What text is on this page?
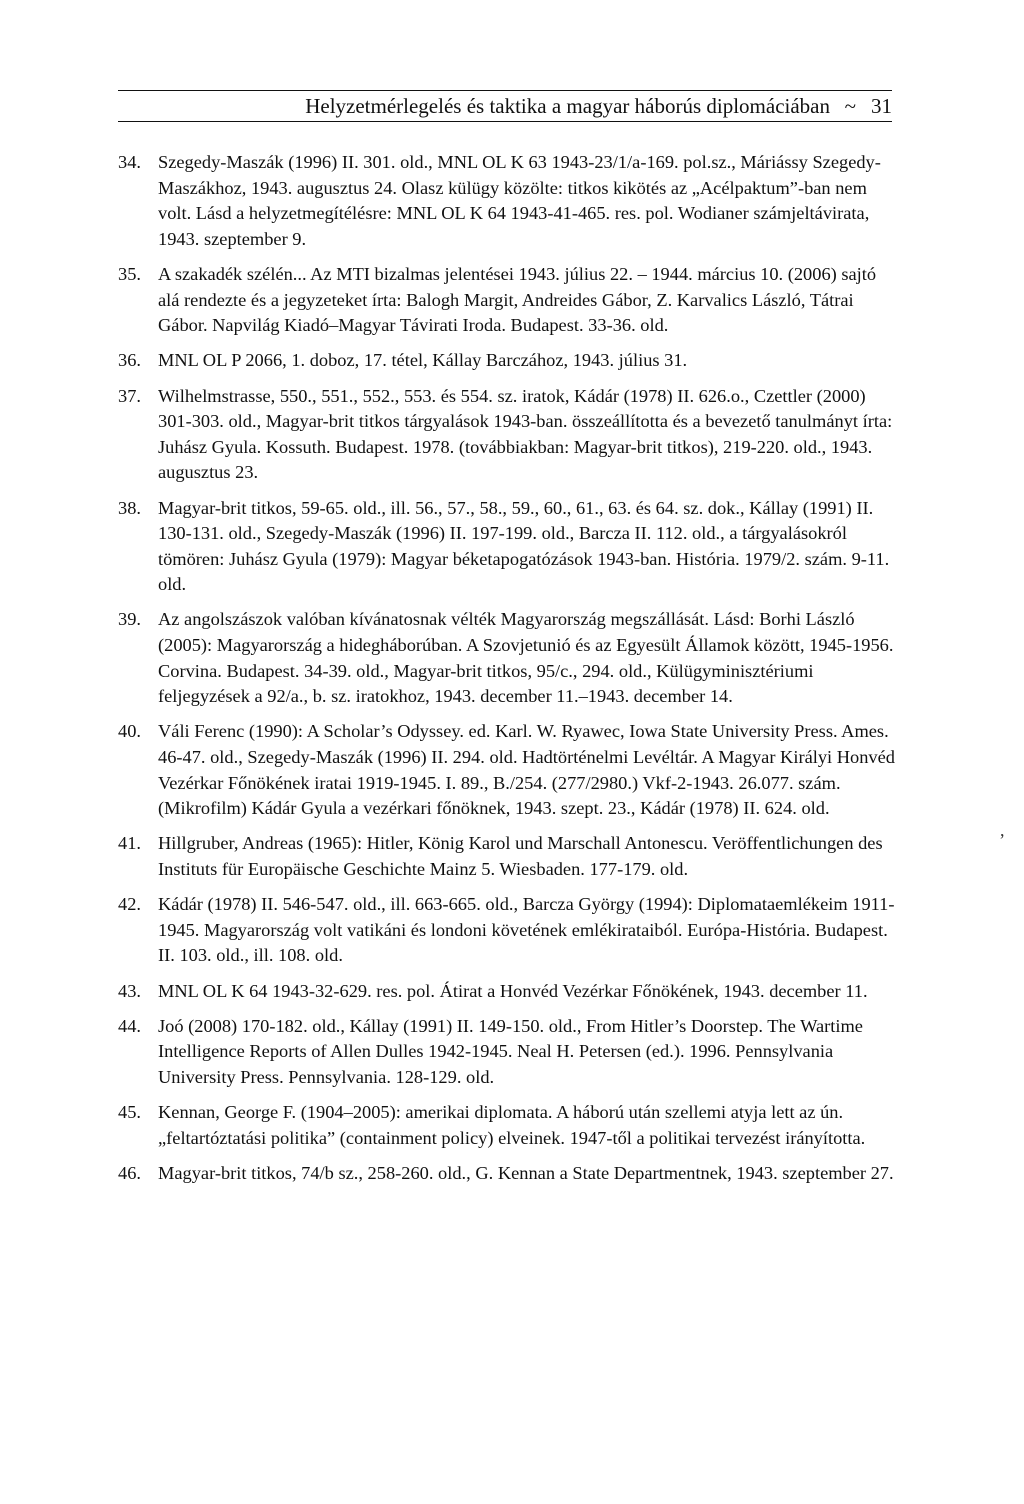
Helyzetmérlegelés és taktika a magyar háborús diplomáciában ~ 31
34. Szegedy-Maszák (1996) II. 301. old., MNL OL K 63 1943-23/1/a-169. pol.sz., Máriássy Szegedy-Maszákhoz, 1943. augusztus 24. Olasz külügy közölte: titkos kikötés az „Acélpaktum”-ban nem volt. Lásd a helyzetmegítélésre: MNL OL K 64 1943-41-465. res. pol. Wodianer számjeltávirata, 1943. szeptember 9.
35. A szakadék szélén... Az MTI bizalmas jelentései 1943. július 22. – 1944. március 10. (2006) sajtó alá rendezte és a jegyzeteket írta: Balogh Margit, Andreides Gábor, Z. Karvalics László, Tátrai Gábor. Napvilág Kiadó–Magyar Távirati Iroda. Budapest. 33-36. old.
36. MNL OL P 2066, 1. doboz, 17. tétel, Kállay Barczához, 1943. július 31.
37. Wilhelmstrasse, 550., 551., 552., 553. és 554. sz. iratok, Kádár (1978) II. 626.o., Czettler (2000) 301-303. old., Magyar-brit titkos tárgyalások 1943-ban. összeállította és a bevezető tanulmányt írta: Juhász Gyula. Kossuth. Budapest. 1978. (továbbiakban: Magyar-brit titkos), 219-220. old., 1943. augusztus 23.
38. Magyar-brit titkos, 59-65. old., ill. 56., 57., 58., 59., 60., 61., 63. és 64. sz. dok., Kállay (1991) II. 130-131. old., Szegedy-Maszák (1996) II. 197-199. old., Barcza II. 112. old., a tárgyalásokról tömören: Juhász Gyula (1979): Magyar béketapogatózások 1943-ban. História. 1979/2. szám. 9-11. old.
39. Az angolszászok valóban kívánatosnak vélték Magyarország megszállását. Lásd: Borhi László (2005): Magyarország a hidegháborúban. A Szovjetunió és az Egyesült Államok között, 1945-1956. Corvina. Budapest. 34-39. old., Magyar-brit titkos, 95/c., 294. old., Külügyminisztériumi feljegyzések a 92/a., b. sz. iratokhoz, 1943. december 11.–1943. december 14.
40. Váli Ferenc (1990): A Scholar’s Odyssey. ed. Karl. W. Ryawec, Iowa State University Press. Ames. 46-47. old., Szegedy-Maszák (1996) II. 294. old. Hadtörténelmi Levéltár. A Magyar Királyi Honvéd Vezérkar Főnökének iratai 1919-1945. I. 89., B./254. (277/2980.) Vkf-2-1943. 26.077. szám. (Mikrofilm) Kádár Gyula a vezérkari főnöknek, 1943. szept. 23., Kádár (1978) II. 624. old.
41. Hillgruber, Andreas (1965): Hitler, König Karol und Marschall Antonescu. Veröffentlichungen des Instituts für Europäische Geschichte Mainz 5. Wiesbaden. 177-179. old.
42. Kádár (1978) II. 546-547. old., ill. 663-665. old., Barcza György (1994): Diplomataemlékeim 1911-1945. Magyarország volt vatikáni és londoni követének emlékirataiból. Európa-História. Budapest. II. 103. old., ill. 108. old.
43. MNL OL K 64 1943-32-629. res. pol. Átirat a Honvéd Vezérkar Főnökének, 1943. december 11.
44. Joó (2008) 170-182. old., Kállay (1991) II. 149-150. old., From Hitler’s Doorstep. The Wartime Intelligence Reports of Allen Dulles 1942-1945. Neal H. Petersen (ed.). 1996. Pennsylvania University Press. Pennsylvania. 128-129. old.
45. Kennan, George F. (1904–2005): amerikai diplomata. A háború után szellemi atyja lett az ún. „feltartóztatási politika” (containment policy) elveinek. 1947-től a politikai tervezést irányította.
46. Magyar-brit titkos, 74/b sz., 258-260. old., G. Kennan a State Departmentnek, 1943. szeptember 27.
,
